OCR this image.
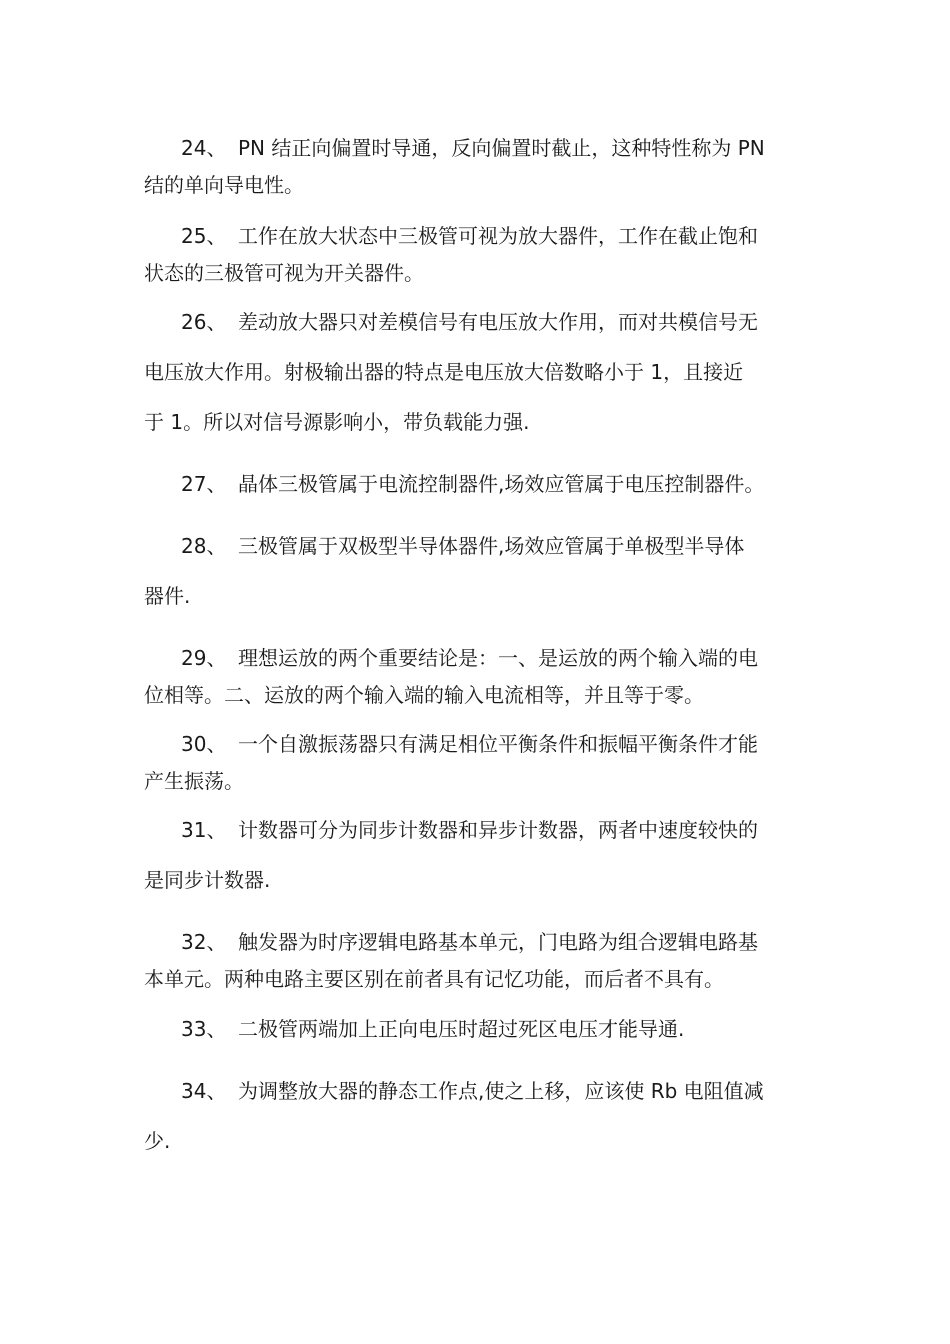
24、 PN 结正向偏置时导通，反向偏置时截止，这种特性称为 PN
结的单向导电性。
25、 工作在放大状态中三极管可视为放大器件，工作在截止饱和
状态的三极管可视为开关器件。
26、 差动放大器只对差模信号有电压放大作用，而对共模信号无
电压放大作用。射极输出器的特点是电压放大倍数略小于 1，且接近
于 1。所以对信号源影响小，带负载能力强.
27、 晶体三极管属于电流控制器件,场效应管属于电压控制器件。
28、 三极管属于双极型半导体器件,场效应管属于单极型半导体
器件.
29、 理想运放的两个重要结论是：一、是运放的两个输入端的电
位相等。二、运放的两个输入端的输入电流相等，并且等于零。
30、 一个自激振荡器只有满足相位平衡条件和振幅平衡条件才能
产生振荡。
31、 计数器可分为同步计数器和异步计数器，两者中速度较快的
是同步计数器.
32、 触发器为时序逻辑电路基本单元，门电路为组合逻辑电路基
本单元。两种电路主要区别在前者具有记忆功能，而后者不具有。
33、 二极管两端加上正向电压时超过死区电压才能导通.
34、 为调整放大器的静态工作点,使之上移，应该使 Rb 电阻值减
少.
